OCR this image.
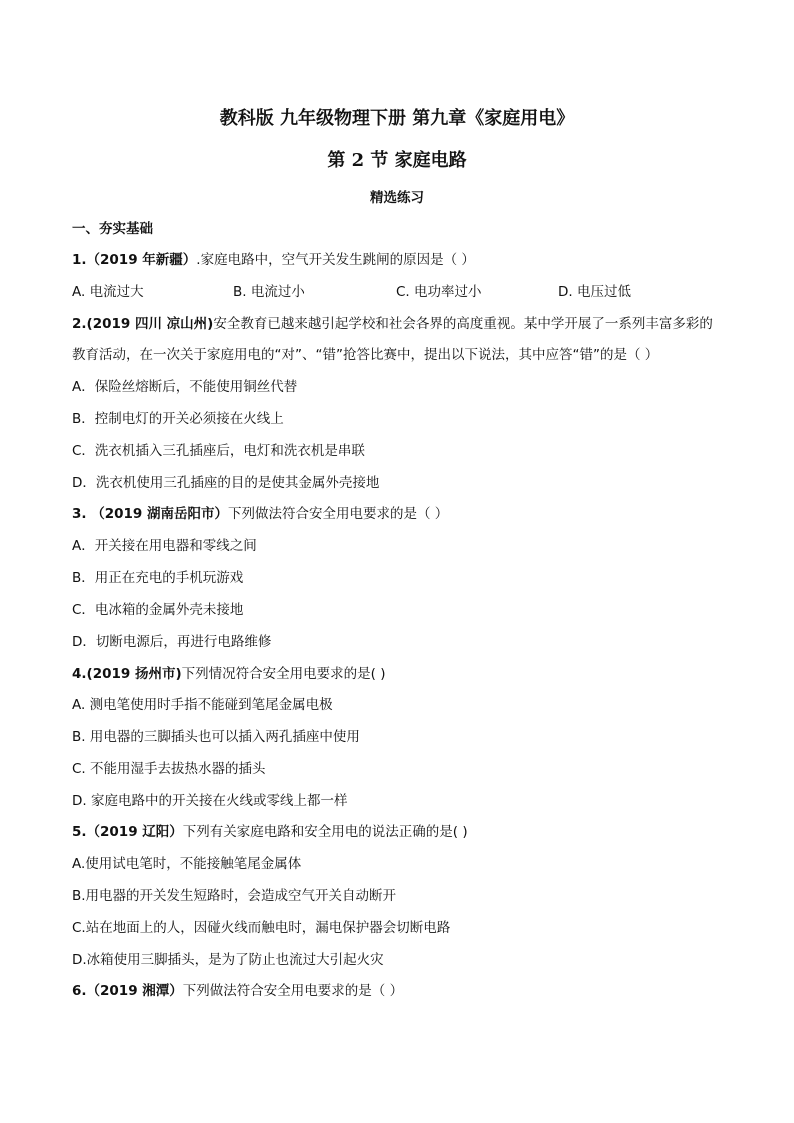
教科版 九年级物理下册 第九章《家庭用电》
第 2 节 家庭电路
精选练习
一、夯实基础
1.（2019 年新疆）.家庭电路中，空气开关发生跳闸的原因是（ ）
A. 电流过大	B. 电流过小	C. 电功率过小	D. 电压过低
2.(2019 四川 凉山州)安全教育已越来越引起学校和社会各界的高度重视。某中学开展了一系列丰富多彩的
教育活动，在一次关于家庭用电的“对”、“错”抢答比赛中，提出以下说法，其中应答“错”的是（ ）
A．保险丝熔断后，不能使用铜丝代替
B．控制电灯的开关必须接在火线上
C．洗衣机插入三孔插座后，电灯和洗衣机是串联
D．洗衣机使用三孔插座的目的是使其金属外壳接地
3. （2019 湖南岳阳市）下列做法符合安全用电要求的是（ ）
A．开关接在用电器和零线之间
B．用正在充电的手机玩游戏
C．电冰箱的金属外壳未接地
D．切断电源后，再进行电路维修
4.(2019 扬州市)下列情况符合安全用电要求的是( )
A. 测电笔使用时手指不能碰到笔尾金属电极
B. 用电器的三脚插头也可以插入两孔插座中使用
C. 不能用湿手去拔热水器的插头
D. 家庭电路中的开关接在火线或零线上都一样
5.（2019 辽阳）下列有关家庭电路和安全用电的说法正确的是( )
A.使用试电笔时，不能接触笔尾金属体
B.用电器的开关发生短路时，会造成空气开关自动断开
C.站在地面上的人，因碰火线而触电时，漏电保护器会切断电路
D.冰箱使用三脚插头，是为了防止也流过大引起火灾
6.（2019 湘潭）下列做法符合安全用电要求的是（ ）
